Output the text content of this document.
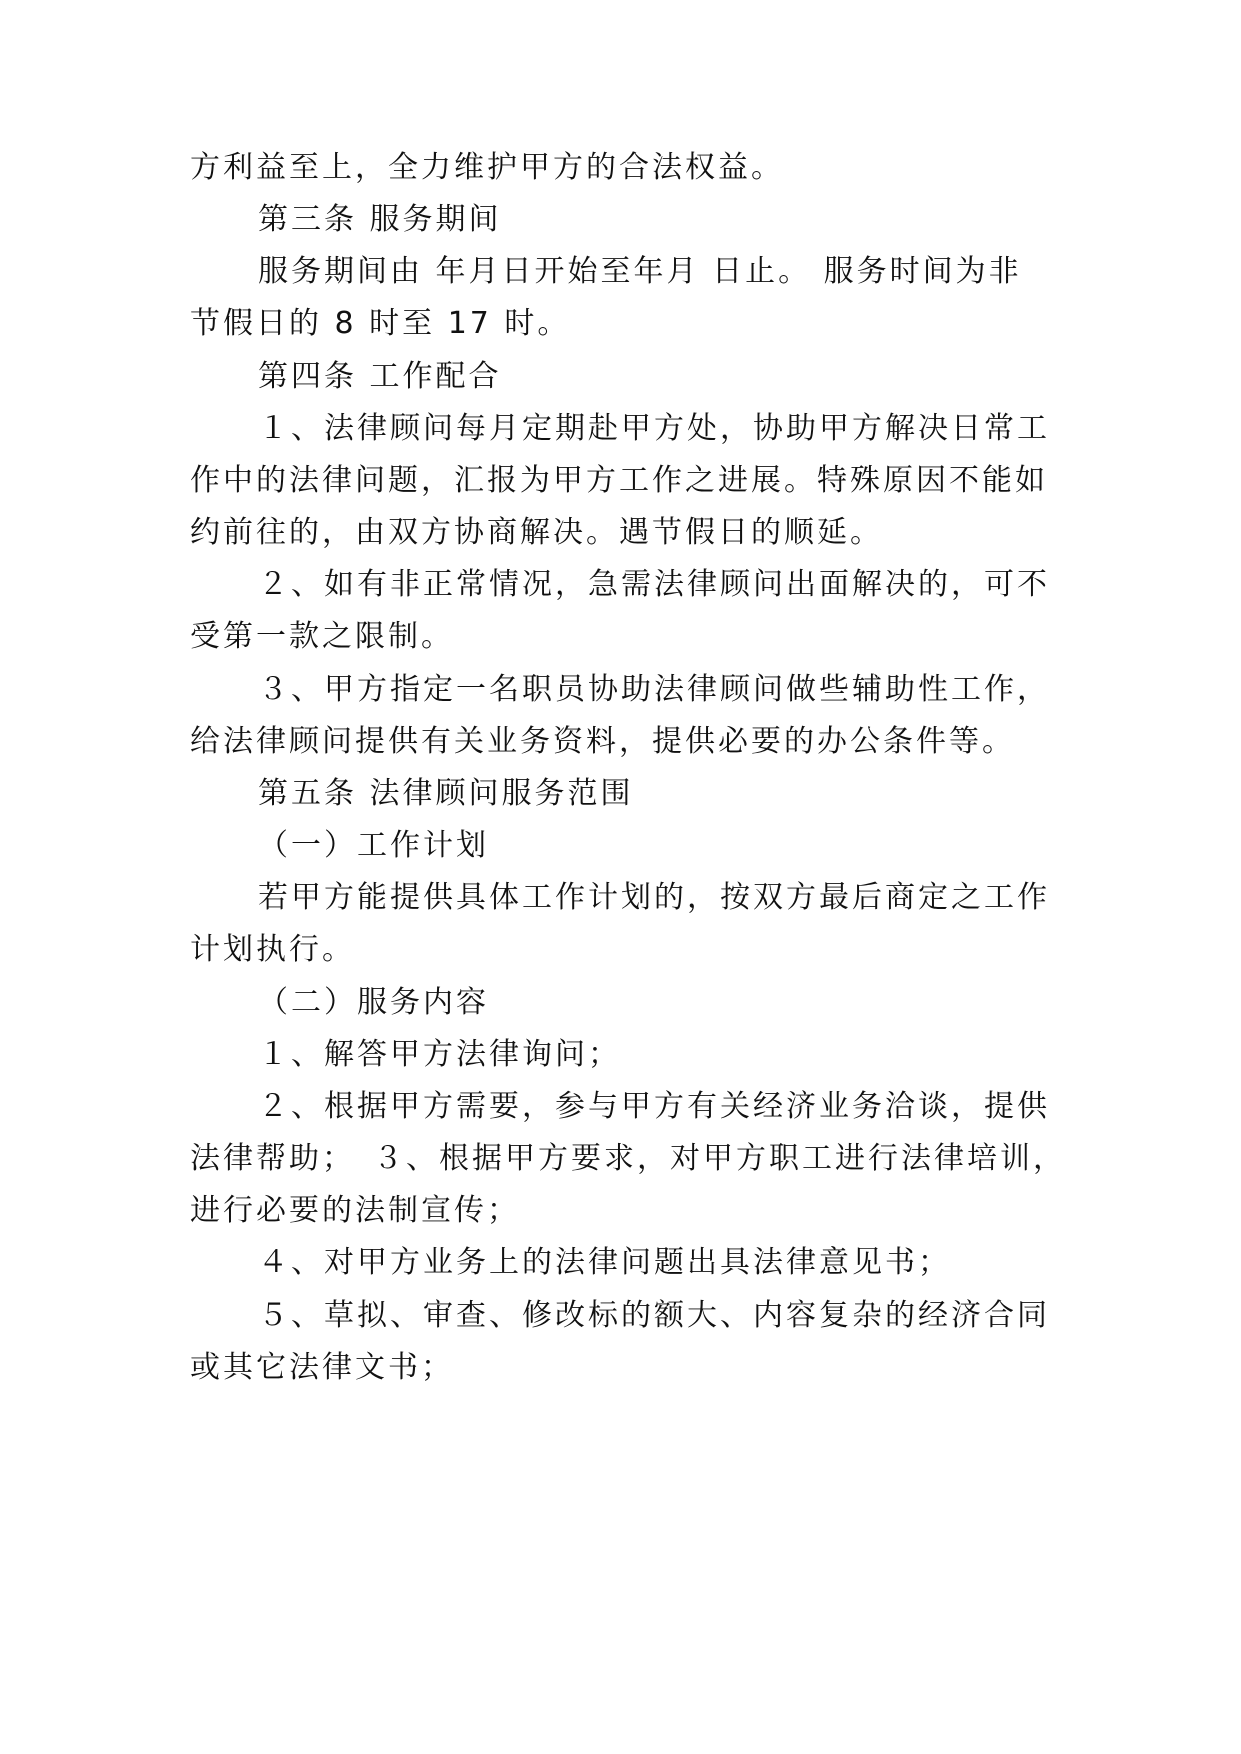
方利益至上，全力维护甲方的合法权益。
第三条 服务期间
服务期间由 年月日开始至年月 日止。 服务时间为非
节假日的 8 时至 17 时。
第四条 工作配合
１、法律顾问每月定期赴甲方处，协助甲方解决日常工
作中的法律问题，汇报为甲方工作之进展。特殊原因不能如
约前往的，由双方协商解决。遇节假日的顺延。
２、如有非正常情况，急需法律顾问出面解决的，可不
受第一款之限制。
３、甲方指定一名职员协助法律顾问做些辅助性工作，
给法律顾问提供有关业务资料，提供必要的办公条件等。
第五条 法律顾问服务范围
（一）工作计划
若甲方能提供具体工作计划的，按双方最后商定之工作
计划执行。
（二）服务内容
１、解答甲方法律询问；
２、根据甲方需要，参与甲方有关经济业务洽谈，提供
法律帮助；　３、根据甲方要求，对甲方职工进行法律培训，
进行必要的法制宣传；
４、对甲方业务上的法律问题出具法律意见书；
５、草拟、审查、修改标的额大、内容复杂的经济合同
或其它法律文书；
